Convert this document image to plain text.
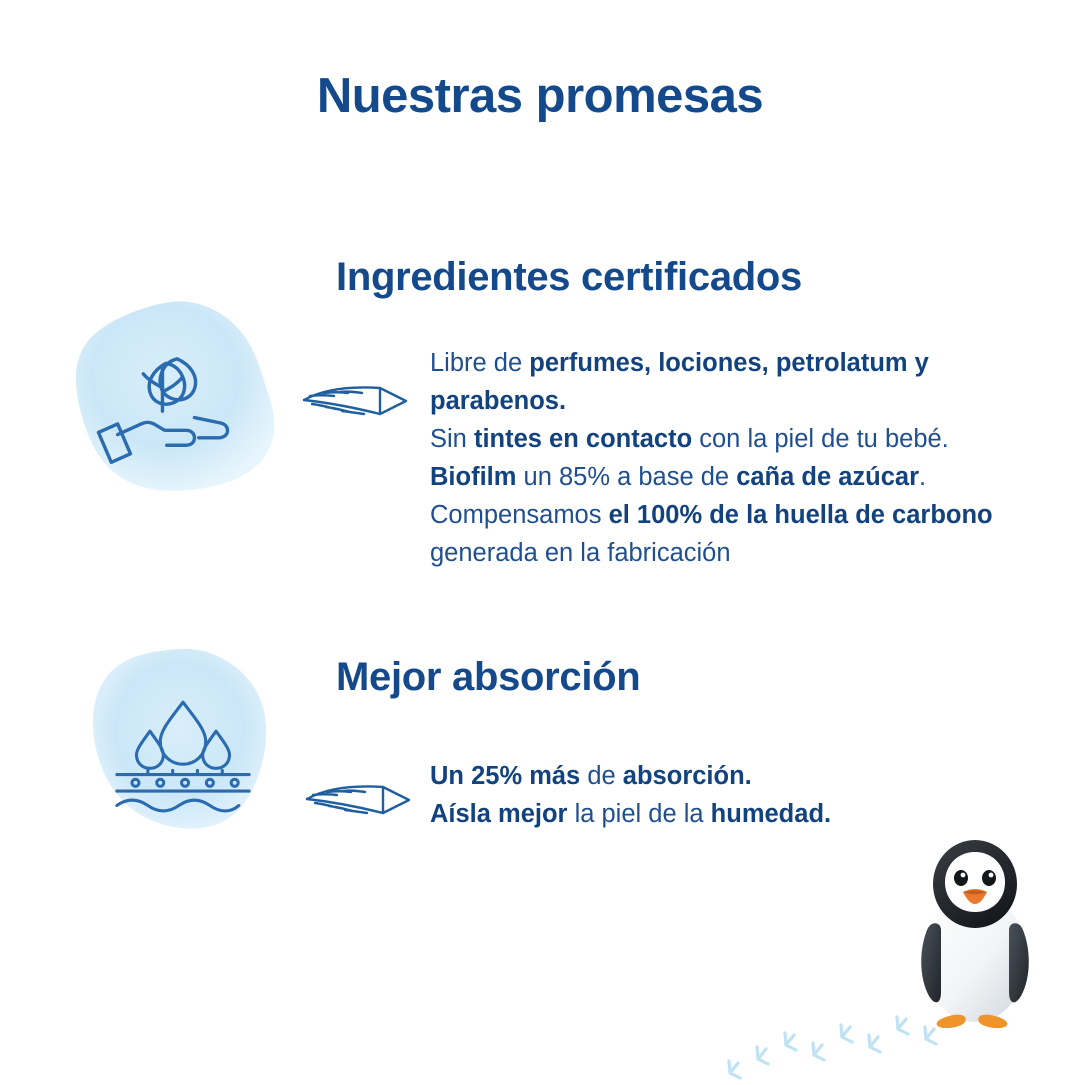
Nuestras promesas
Ingredientes certificados
Libre de perfumes, lociones, petrolatum y parabenos.
Sin tintes en contacto con la piel de tu bebé.
Biofilm un 85% a base de caña de azúcar.
Compensamos el 100% de la huella de carbono generada en la fabricación
Mejor absorción
Un 25% más de absorción.
Aísla mejor la piel de la humedad.
